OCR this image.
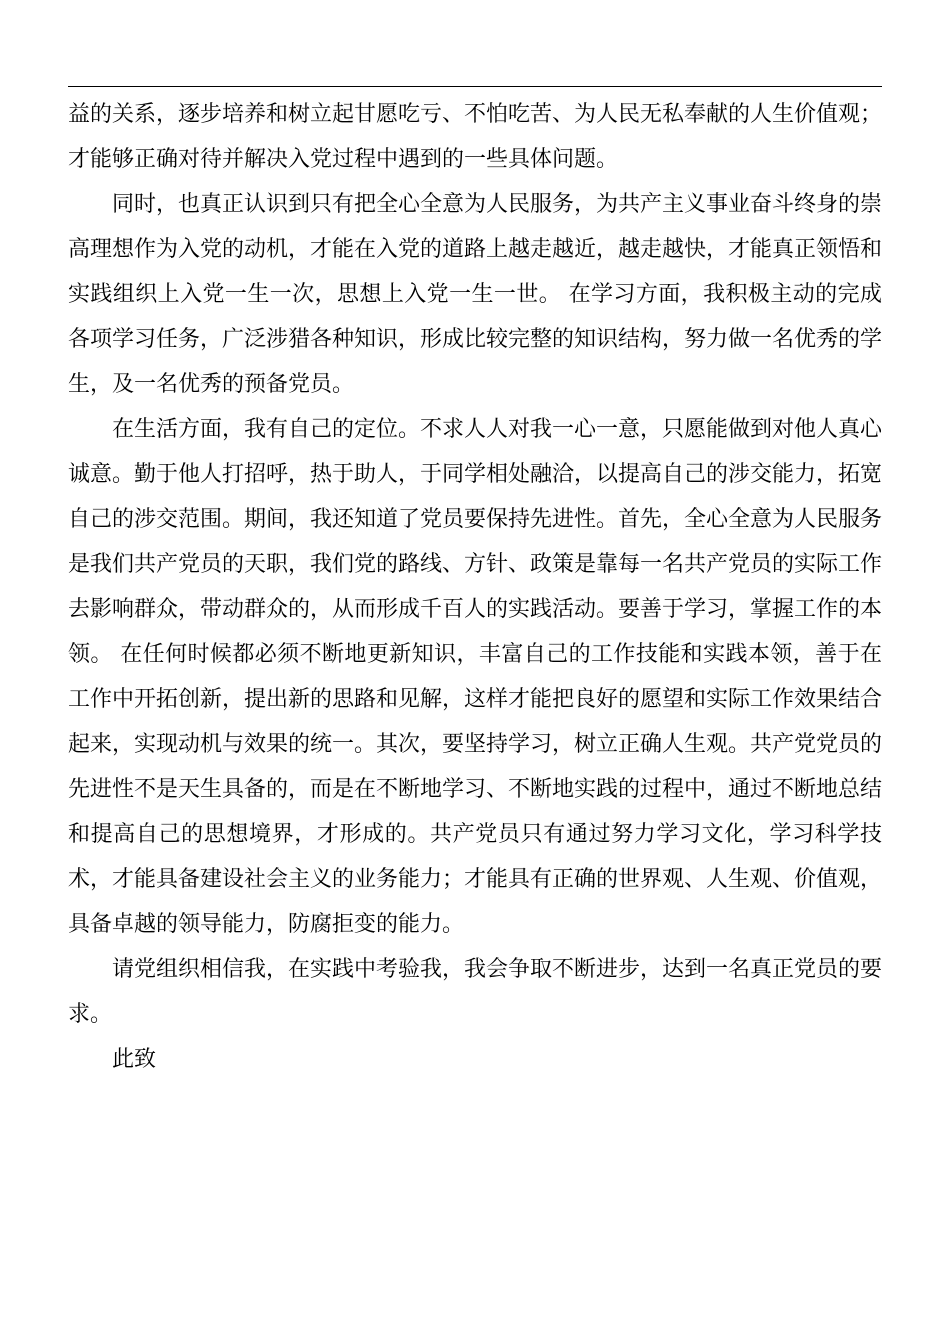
益的关系，逐步培养和树立起甘愿吃亏、不怕吃苦、为人民无私奉献的人生价值观；才能够正确对待并解决入党过程中遇到的一些具体问题。

同时，也真正认识到只有把全心全意为人民服务，为共产主义事业奋斗终身的崇高理想作为入党的动机，才能在入党的道路上越走越近，越走越快，才能真正领悟和实践组织上入党一生一次，思想上入党一生一世。 在学习方面，我积极主动的完成各项学习任务，广泛涉猎各种知识，形成比较完整的知识结构，努力做一名优秀的学生，及一名优秀的预备党员。

在生活方面，我有自己的定位。不求人人对我一心一意，只愿能做到对他人真心诚意。勤于他人打招呼，热于助人，于同学相处融洽，以提高自己的涉交能力，拓宽自己的涉交范围。期间，我还知道了党员要保持先进性。首先，全心全意为人民服务是我们共产党员的天职，我们党的路线、方针、政策是靠每一名共产党员的实际工作去影响群众，带动群众的，从而形成千百人的实践活动。要善于学习，掌握工作的本领。 在任何时候都必须不断地更新知识，丰富自己的工作技能和实践本领，善于在工作中开拓创新，提出新的思路和见解，这样才能把良好的愿望和实际工作效果结合起来，实现动机与效果的统一。其次，要坚持学习，树立正确人生观。共产党党员的先进性不是天生具备的，而是在不断地学习、不断地实践的过程中，通过不断地总结和提高自己的思想境界，才形成的。共产党员只有通过努力学习文化，学习科学技术，才能具备建设社会主义的业务能力；才能具有正确的世界观、人生观、价值观，具备卓越的领导能力，防腐拒变的能力。

请党组织相信我，在实践中考验我，我会争取不断进步，达到一名真正党员的要求。

此致
